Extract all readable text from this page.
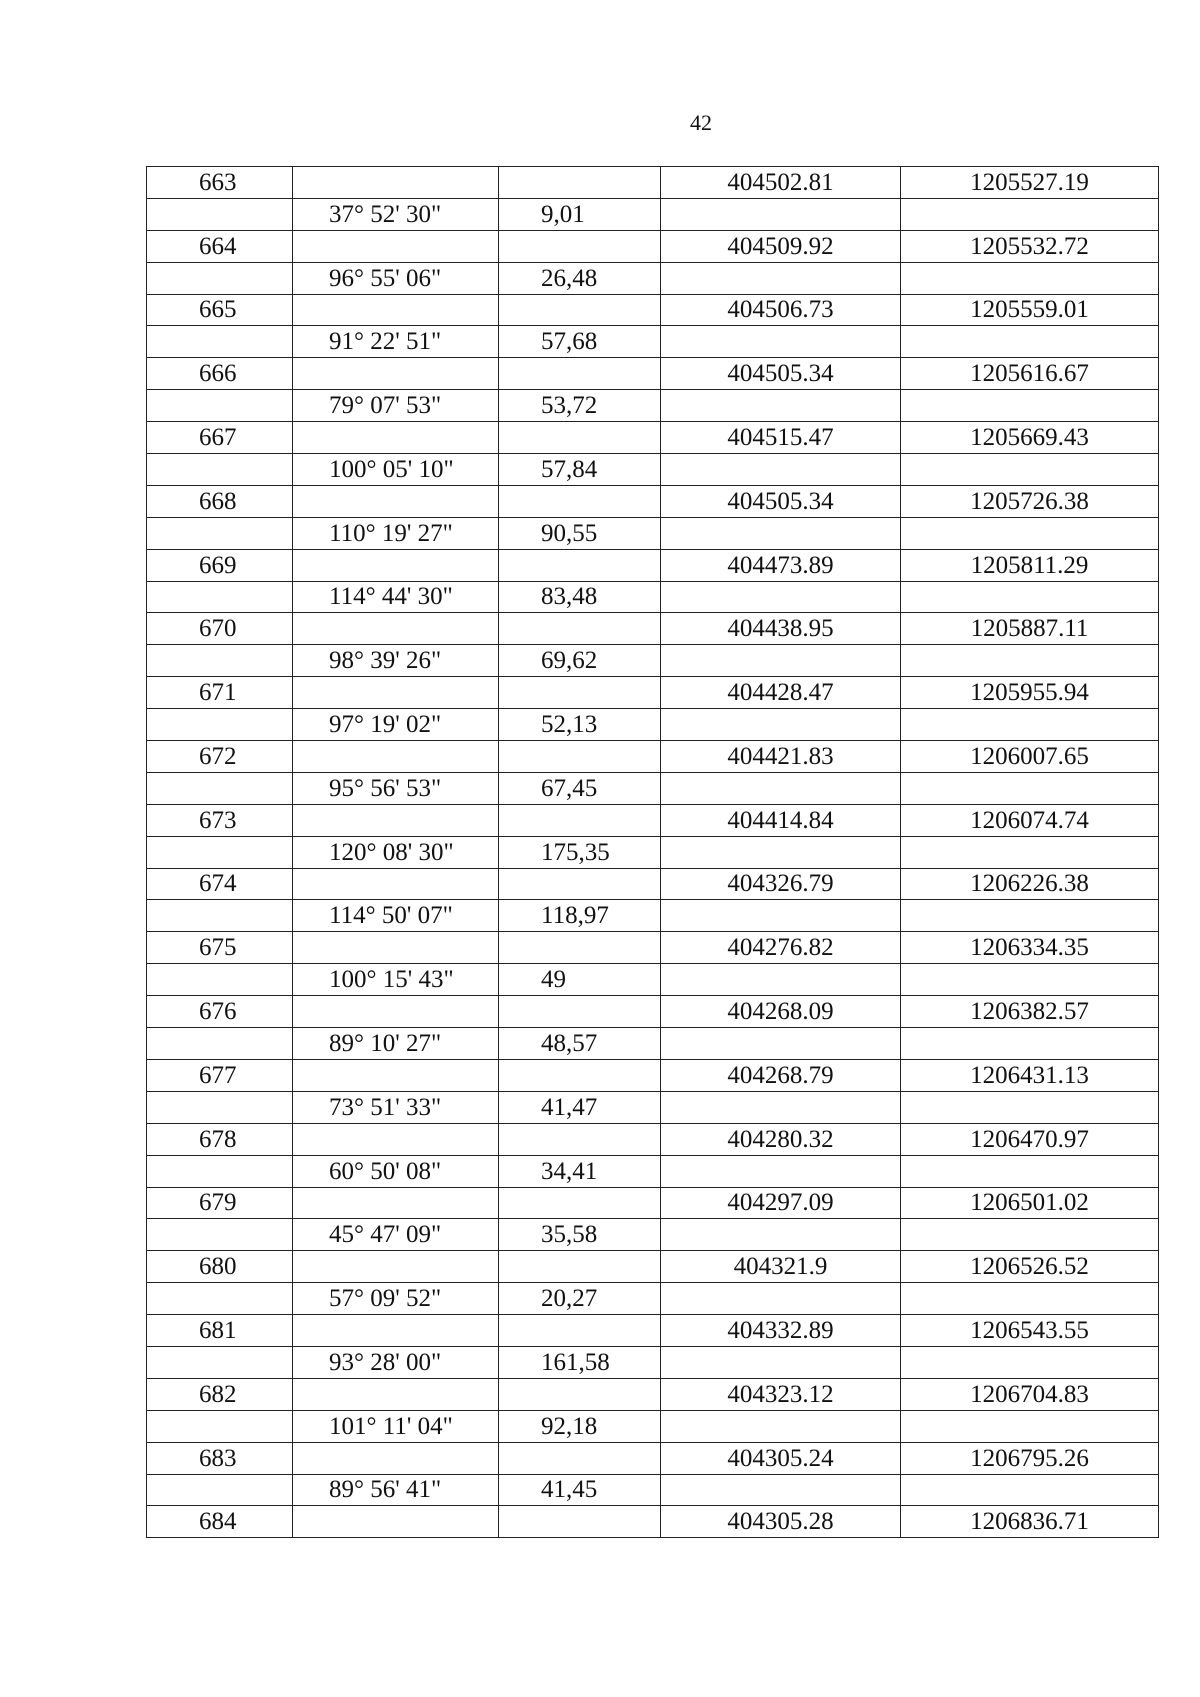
42
663			404502.81	1205527.19
	37° 52' 30"	9,01		
664			404509.92	1205532.72
	96° 55' 06"	26,48		
665			404506.73	1205559.01
	91° 22' 51"	57,68		
666			404505.34	1205616.67
	79° 07' 53"	53,72		
667			404515.47	1205669.43
	100° 05' 10"	57,84		
668			404505.34	1205726.38
	110° 19' 27"	90,55		
669			404473.89	1205811.29
	114° 44' 30"	83,48		
670			404438.95	1205887.11
	98° 39' 26"	69,62		
671			404428.47	1205955.94
	97° 19' 02"	52,13		
672			404421.83	1206007.65
	95° 56' 53"	67,45		
673			404414.84	1206074.74
	120° 08' 30"	175,35		
674			404326.79	1206226.38
	114° 50' 07"	118,97		
675			404276.82	1206334.35
	100° 15' 43"	49		
676			404268.09	1206382.57
	89° 10' 27"	48,57		
677			404268.79	1206431.13
	73° 51' 33"	41,47		
678			404280.32	1206470.97
	60° 50' 08"	34,41		
679			404297.09	1206501.02
	45° 47' 09"	35,58		
680			404321.9	1206526.52
	57° 09' 52"	20,27		
681			404332.89	1206543.55
	93° 28' 00"	161,58		
682			404323.12	1206704.83
	101° 11' 04"	92,18		
683			404305.24	1206795.26
	89° 56' 41"	41,45		
684			404305.28	1206836.71
